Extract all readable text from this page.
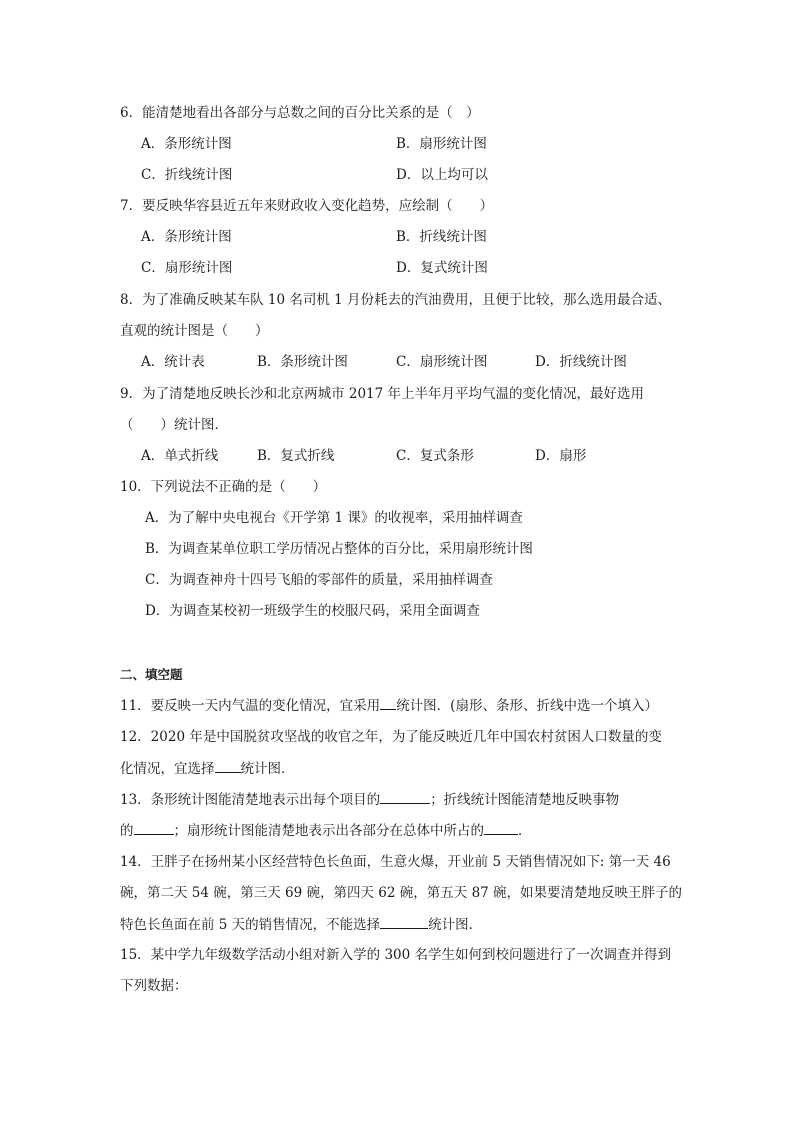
6．能清楚地看出各部分与总数之间的百分比关系的是（　）
A．条形统计图	B．扇形统计图
C．折线统计图	D．以上均可以
7．要反映华容县近五年来财政收入变化趋势，应绘制（　　）
A．条形统计图	B．折线统计图
C．扇形统计图	D．复式统计图
8．为了准确反映某车队 10 名司机 1 月份耗去的汽油费用，且便于比较，那么选用最合适、
直观的统计图是（　　）
A．统计表	B．条形统计图	C．扇形统计图	D．折线统计图
9．为了清楚地反映长沙和北京两城市 2017 年上半年月平均气温的变化情况，最好选用
（　　）统计图．
A．单式折线	B．复式折线	C．复式条形	D．扇形
10．下列说法不正确的是（　　）
A．为了解中央电视台《开学第 1 课》的收视率，采用抽样调查
B．为调查某单位职工学历情况占整体的百分比，采用扇形统计图
C．为调查神舟十四号飞船的零部件的质量，采用抽样调查
D．为调查某校初一班级学生的校服尺码，采用全面调查
二、填空题
11．要反映一天内气温的变化情况，宜采用 统计图．(扇形、条形、折线中选一个填入）
12．2020 年是中国脱贫攻坚战的收官之年，为了能反映近几年中国农村贫困人口数量的变
化情况，宜选择 统计图．
13．条形统计图能清楚地表示出每个项目的	；折线统计图能清楚地反映事物
的	；扇形统计图能清楚地表示出各部分在总体中所占的	．
14．王胖子在扬州某小区经营特色长鱼面，生意火爆，开业前 5 天销售情况如下: 第一天 46
碗，第二天 54 碗，第三天 69 碗，第四天 62 碗，第五天 87 碗，如果要清楚地反映王胖子的
特色长鱼面在前 5 天的销售情况，不能选择	统计图．
15．某中学九年级数学活动小组对新入学的 300 名学生如何到校问题进行了一次调查并得到
下列数据：
